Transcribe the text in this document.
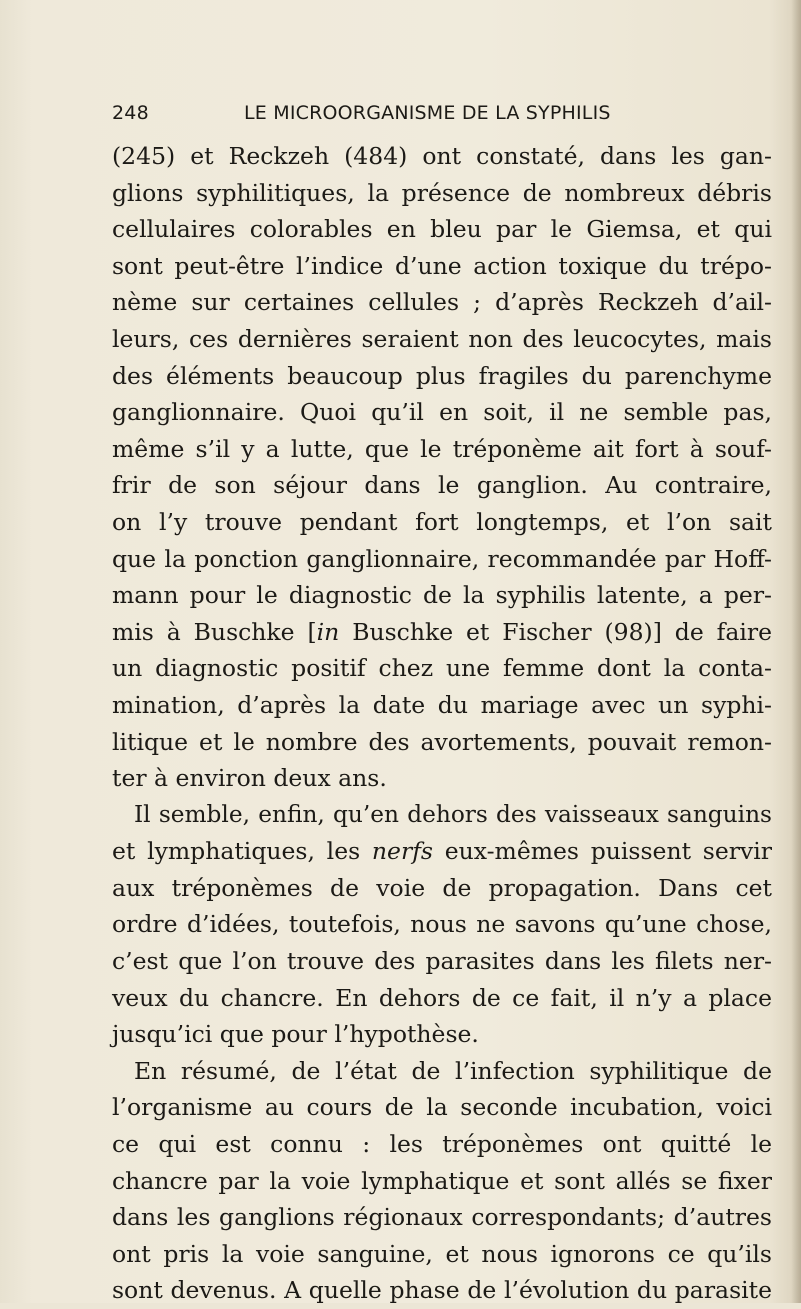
248	LE MICROORGANISME DE LA SYPHILIS
(245) et Reckzeh (484) ont constaté, dans les gan-
glions syphilitiques, la présence de nombreux débris
cellulaires colorables en bleu par le Giemsa, et qui
sont peut-être l’indice d’une action toxique du trépo-
nème sur certaines cellules ; d’après Reckzeh d’ail-
leurs, ces dernières seraient non des leucocytes, mais
des éléments beaucoup plus fragiles du parenchyme
ganglionnaire. Quoi qu’il en soit, il ne semble pas,
même s’il y a lutte, que le tréponème ait fort à souf-
frir de son séjour dans le ganglion. Au contraire,
on l’y trouve pendant fort longtemps, et l’on sait
que la ponction ganglionnaire, recommandée par Hoff-
mann pour le diagnostic de la syphilis latente, a per-
mis à Buschke [in Buschke et Fischer (98)] de faire
un diagnostic positif chez une femme dont la conta-
mination, d’après la date du mariage avec un syphi-
litique et le nombre des avortements, pouvait remon-
ter à environ deux ans.
Il semble, enfin, qu’en dehors des vaisseaux sanguins
et lymphatiques, les nerfs eux-mêmes puissent servir
aux tréponèmes de voie de propagation. Dans cet
ordre d’idées, toutefois, nous ne savons qu’une chose,
c’est que l’on trouve des parasites dans les filets ner-
veux du chancre. En dehors de ce fait, il n’y a place
jusqu’ici que pour l’hypothèse.
En résumé, de l’état de l’infection syphilitique de
l’organisme au cours de la seconde incubation, voici
ce qui est connu : les tréponèmes ont quitté le
chancre par la voie lymphatique et sont allés se fixer
dans les ganglions régionaux correspondants; d’autres
ont pris la voie sanguine, et nous ignorons ce qu’ils
sont devenus. A quelle phase de l’évolution du parasite
